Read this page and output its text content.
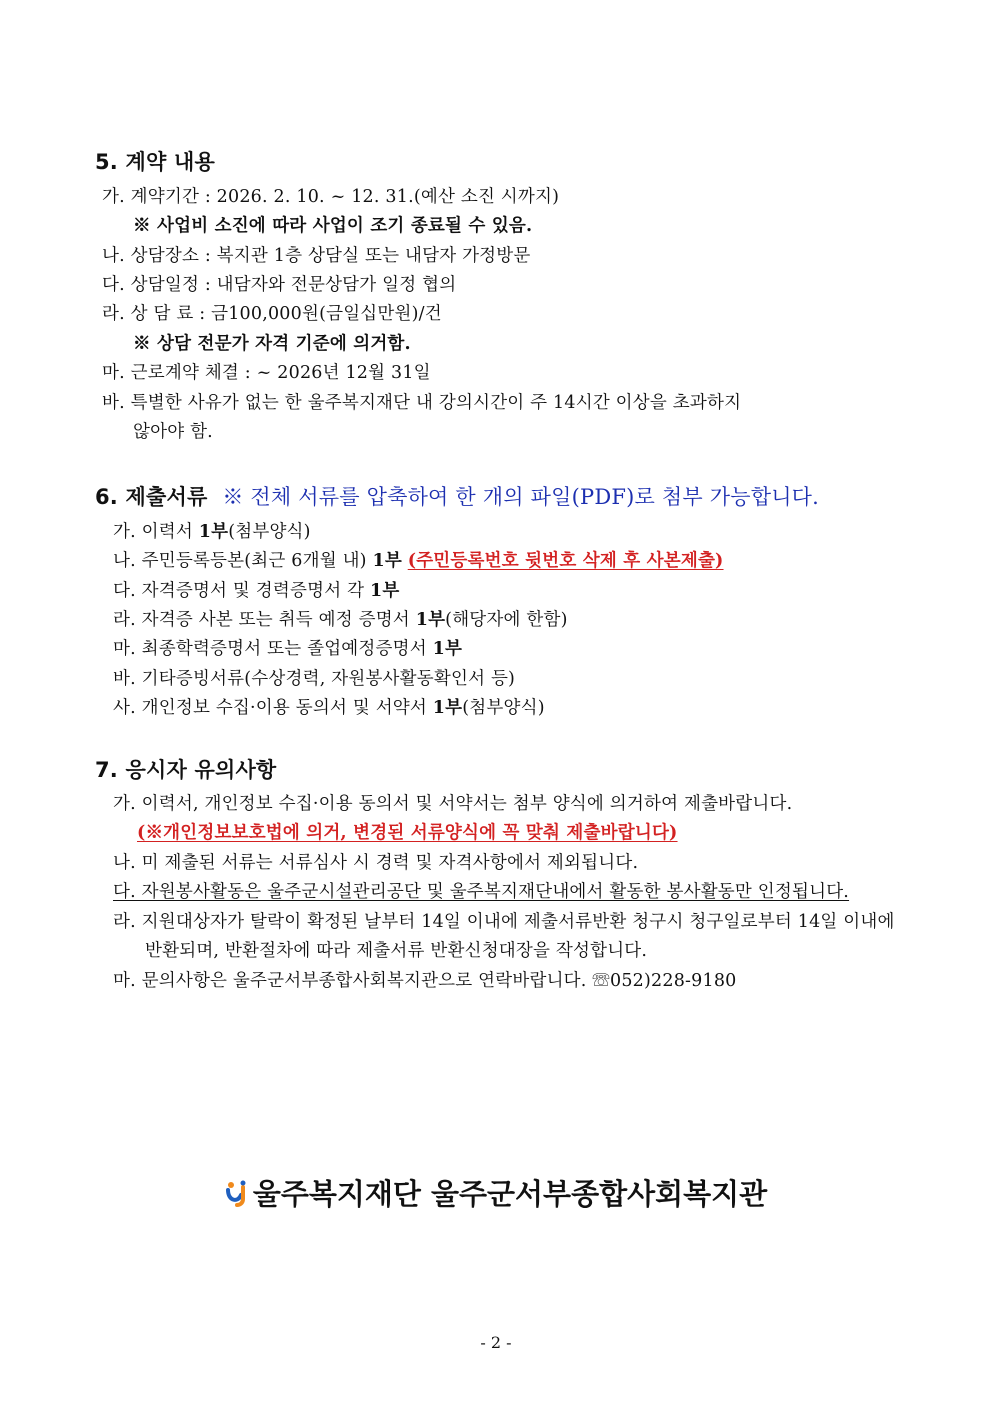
5. 계약 내용
가. 계약기간 : 2026. 2. 10. ~ 12. 31.(예산 소진 시까지)
※ 사업비 소진에 따라 사업이 조기 종료될 수 있음.
나. 상담장소 : 복지관 1층 상담실 또는 내담자 가정방문
다. 상담일정 : 내담자와 전문상담가 일정 협의
라. 상 담 료 : 금100,000원(금일십만원)/건
※ 상담 전문가 자격 기준에 의거함.
마. 근로계약 체결 : ~ 2026년 12월 31일
바. 특별한 사유가 없는 한 울주복지재단 내 강의시간이 주 14시간 이상을 초과하지
않아야 함.
6. 제출서류 ※ 전체 서류를 압축하여 한 개의 파일(PDF)로 첨부 가능합니다.
가. 이력서 1부(첨부양식)
나. 주민등록등본(최근 6개월 내) 1부 (주민등록번호 뒷번호 삭제 후 사본제출)
다. 자격증명서 및 경력증명서 각 1부
라. 자격증 사본 또는 취득 예정 증명서 1부(해당자에 한함)
마. 최종학력증명서 또는 졸업예정증명서 1부
바. 기타증빙서류(수상경력, 자원봉사활동확인서 등)
사. 개인정보 수집·이용 동의서 및 서약서 1부(첨부양식)
7. 응시자 유의사항
가. 이력서, 개인정보 수집·이용 동의서 및 서약서는 첨부 양식에 의거하여 제출바랍니다.
(※개인정보보호법에 의거, 변경된 서류양식에 꼭 맞춰 제출바랍니다)
나. 미 제출된 서류는 서류심사 시 경력 및 자격사항에서 제외됩니다.
다. 자원봉사활동은 울주군시설관리공단 및 울주복지재단내에서 활동한 봉사활동만 인정됩니다.
라. 지원대상자가 탈락이 확정된 날부터 14일 이내에 제출서류반환 청구시 청구일로부터 14일 이내에
반환되며, 반환절차에 따라 제출서류 반환신청대장을 작성합니다.
마. 문의사항은 울주군서부종합사회복지관으로 연락바랍니다. ☏052)228-9180
울주복지재단 울주군서부종합사회복지관
- 2 -
